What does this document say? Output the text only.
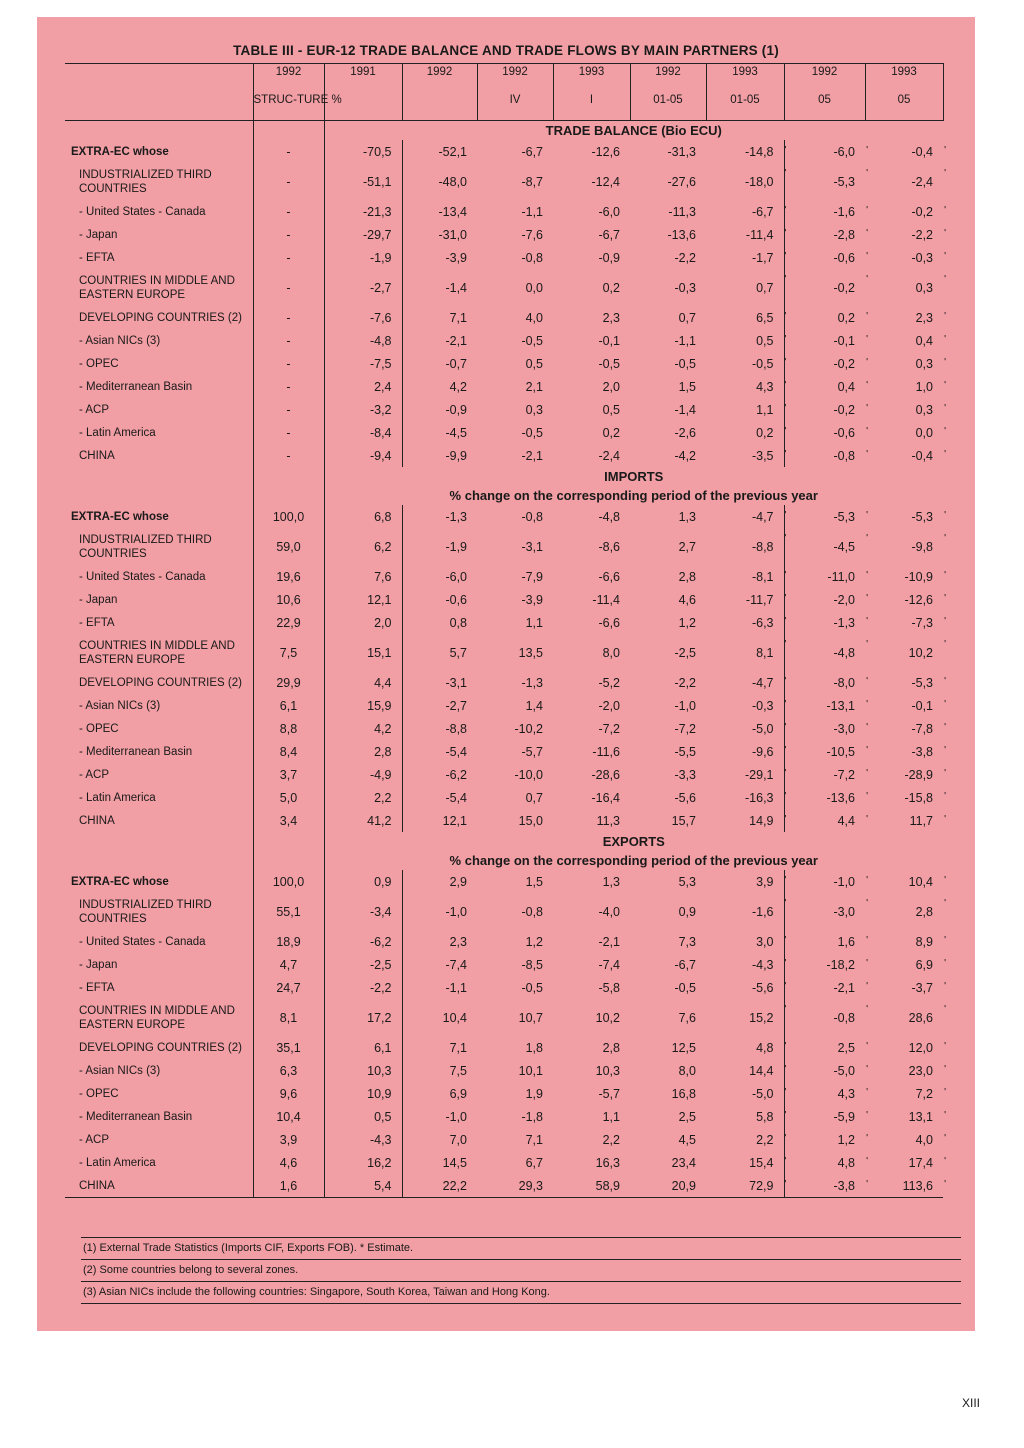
TABLE III - EUR-12 TRADE BALANCE AND TRADE FLOWS BY MAIN PARTNERS (1)
	1992	1991	1992	1992	1993	1992	1993	1992	1993
	STRUC-TURE %			IV	I	01-05	01-05	05	05
		TRADE BALANCE (Bio ECU)							
EXTRA-EC whose	-	-70,5	-52,1	-6,7	-12,6	-31,3	-14,8 '	-6,0 '	-0,4 '
INDUSTRIALIZED THIRD COUNTRIES	-	-51,1	-48,0	-8,7	-12,4	-27,6	-18,0 '	-5,3 '	-2,4 '
- United States - Canada	-	-21,3	-13,4	-1,1	-6,0	-11,3	-6,7 '	-1,6 '	-0,2 '
- Japan	-	-29,7	-31,0	-7,6	-6,7	-13,6	-11,4 '	-2,8 '	-2,2 '
- EFTA	-	-1,9	-3,9	-0,8	-0,9	-2,2	-1,7 '	-0,6 '	-0,3 '
COUNTRIES IN MIDDLE AND EASTERN EUROPE	-	-2,7	-1,4	0,0	0,2	-0,3	0,7 '	-0,2 '	0,3 '
DEVELOPING COUNTRIES (2)	-	-7,6	7,1	4,0	2,3	0,7	6,5 '	0,2 '	2,3 '
- Asian NICs (3)	-	-4,8	-2,1	-0,5	-0,1	-1,1	0,5 '	-0,1 '	0,4 '
- OPEC	-	-7,5	-0,7	0,5	-0,5	-0,5	-0,5 '	-0,2 '	0,3 '
- Mediterranean Basin	-	2,4	4,2	2,1	2,0	1,5	4,3 '	0,4 '	1,0 '
- ACP	-	-3,2	-0,9	0,3	0,5	-1,4	1,1 '	-0,2 '	0,3 '
- Latin America	-	-8,4	-4,5	-0,5	0,2	-2,6	0,2 '	-0,6 '	0,0 '
CHINA	-	-9,4	-9,9	-2,1	-2,4	-4,2	-3,5 '	-0,8 '	-0,4 '
		IMPORTS							
		% change on the corresponding period of the previous year							
EXTRA-EC whose	100,0	6,8	-1,3	-0,8	-4,8	1,3	-4,7 '	-5,3 '	-5,3 '
INDUSTRIALIZED THIRD COUNTRIES	59,0	6,2	-1,9	-3,1	-8,6	2,7	-8,8 '	-4,5 '	-9,8 '
- United States - Canada	19,6	7,6	-6,0	-7,9	-6,6	2,8	-8,1 '	-11,0 '	-10,9 '
- Japan	10,6	12,1	-0,6	-3,9	-11,4	4,6	-11,7 '	-2,0 '	-12,6 '
- EFTA	22,9	2,0	0,8	1,1	-6,6	1,2	-6,3 '	-1,3 '	-7,3 '
COUNTRIES IN MIDDLE AND EASTERN EUROPE	7,5	15,1	5,7	13,5	8,0	-2,5	8,1 '	-4,8 '	10,2 '
DEVELOPING COUNTRIES (2)	29,9	4,4	-3,1	-1,3	-5,2	-2,2	-4,7 '	-8,0 '	-5,3 '
- Asian NICs (3)	6,1	15,9	-2,7	1,4	-2,0	-1,0	-0,3 '	-13,1 '	-0,1 '
- OPEC	8,8	4,2	-8,8	-10,2	-7,2	-7,2	-5,0 '	-3,0 '	-7,8 '
- Mediterranean Basin	8,4	2,8	-5,4	-5,7	-11,6	-5,5	-9,6 '	-10,5 '	-3,8 '
- ACP	3,7	-4,9	-6,2	-10,0	-28,6	-3,3	-29,1 '	-7,2 '	-28,9 '
- Latin America	5,0	2,2	-5,4	0,7	-16,4	-5,6	-16,3 '	-13,6 '	-15,8 '
CHINA	3,4	41,2	12,1	15,0	11,3	15,7	14,9 '	4,4 '	11,7 '
		EXPORTS							
		% change on the corresponding period of the previous year							
EXTRA-EC whose	100,0	0,9	2,9	1,5	1,3	5,3	3,9 '	-1,0 '	10,4 '
INDUSTRIALIZED THIRD COUNTRIES	55,1	-3,4	-1,0	-0,8	-4,0	0,9	-1,6 '	-3,0 '	2,8 '
- United States - Canada	18,9	-6,2	2,3	1,2	-2,1	7,3	3,0 '	1,6 '	8,9 '
- Japan	4,7	-2,5	-7,4	-8,5	-7,4	-6,7	-4,3 '	-18,2 '	6,9 '
- EFTA	24,7	-2,2	-1,1	-0,5	-5,8	-0,5	-5,6 '	-2,1 '	-3,7 '
COUNTRIES IN MIDDLE AND EASTERN EUROPE	8,1	17,2	10,4	10,7	10,2	7,6	15,2 '	-0,8 '	28,6 '
DEVELOPING COUNTRIES (2)	35,1	6,1	7,1	1,8	2,8	12,5	4,8 '	2,5 '	12,0 '
- Asian NICs (3)	6,3	10,3	7,5	10,1	10,3	8,0	14,4 '	-5,0 '	23,0 '
- OPEC	9,6	10,9	6,9	1,9	-5,7	16,8	-5,0 '	4,3 '	7,2 '
- Mediterranean Basin	10,4	0,5	-1,0	-1,8	1,1	2,5	5,8 '	-5,9 '	13,1 '
- ACP	3,9	-4,3	7,0	7,1	2,2	4,5	2,2 '	1,2 '	4,0 '
- Latin America	4,6	16,2	14,5	6,7	16,3	23,4	15,4 '	4,8 '	17,4 '
CHINA	1,6	5,4	22,2	29,3	58,9	20,9	72,9 '	-3,8 '	113,6 '
(1) External Trade Statistics (Imports CIF, Exports FOB). * Estimate.
(2) Some countries belong to several zones.
(3) Asian NICs include the following countries: Singapore, South Korea, Taiwan and Hong Kong.
XIII
